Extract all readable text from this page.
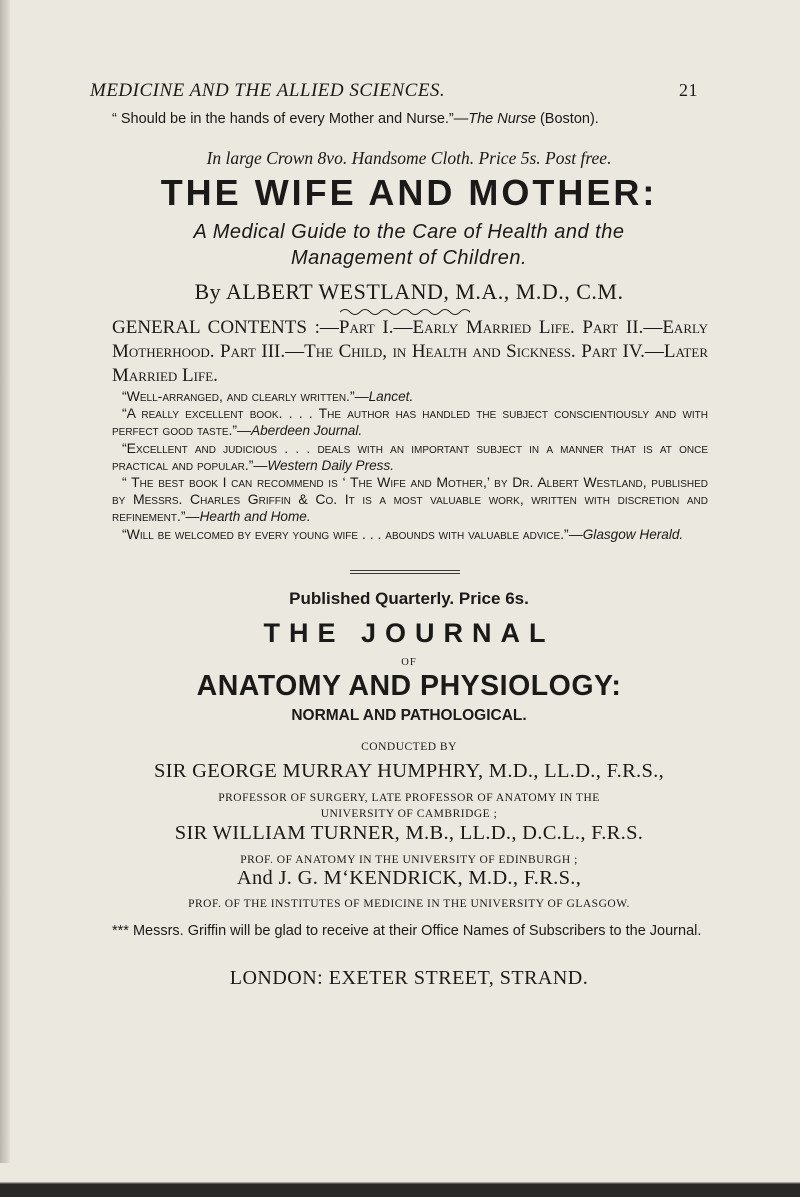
MEDICINE AND THE ALLIED SCIENCES.	21
“ Should be in the hands of every Mother and Nurse.”—The Nurse (Boston).
In large Crown 8vo. Handsome Cloth. Price 5s. Post free.
THE WIFE AND MOTHER:
A Medical Guide to the Care of Health and the
Management of Children.
By ALBERT WESTLAND, M.A., M.D., C.M.
GENERAL CONTENTS :—Part I.—Early Married Life. Part II.—Early Motherhood. Part III.—The Child, in Health and Sickness. Part IV.—Later Married Life.

“Well-arranged, and clearly written.”—Lancet.

“A really excellent book. . . . The author has handled the subject conscientiously and with perfect good taste.”—Aberdeen Journal.

“Excellent and judicious . . . deals with an important subject in a manner that is at once practical and popular.”—Western Daily Press.

“ The best book I can recommend is ‘ The Wife and Mother,’ by Dr. Albert Westland, published by Messrs. Charles Griffin & Co. It is a most valuable work, written with discretion and refinement.”—Hearth and Home.

“Will be welcomed by every young wife . . . abounds with valuable advice.”—Glasgow Herald.

Published Quarterly. Price 6s.
THE JOURNAL
OF
ANATOMY AND PHYSIOLOGY:
NORMAL AND PATHOLOGICAL.
CONDUCTED BY
SIR GEORGE MURRAY HUMPHRY, M.D., LL.D., F.R.S.,
PROFESSOR OF SURGERY, LATE PROFESSOR OF ANATOMY IN THE
UNIVERSITY OF CAMBRIDGE ;
SIR WILLIAM TURNER, M.B., LL.D., D.C.L., F.R.S.
PROF. OF ANATOMY IN THE UNIVERSITY OF EDINBURGH ;
And J. G. M‘KENDRICK, M.D., F.R.S.,
PROF. OF THE INSTITUTES OF MEDICINE IN THE UNIVERSITY OF GLASGOW.
*** Messrs. Griffin will be glad to receive at their Office Names of Subscribers to the Journal.
LONDON: EXETER STREET, STRAND.
